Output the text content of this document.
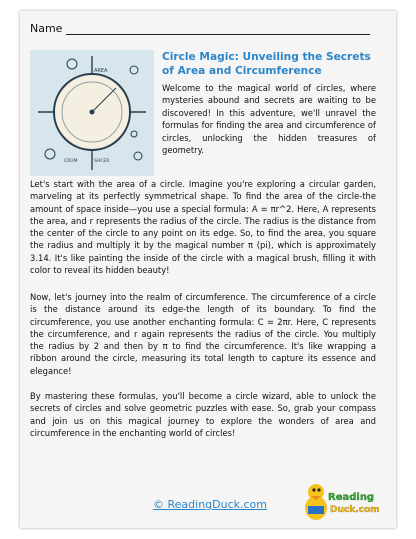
Name
AREA
CRUM	SHCER
Circle Magic: Unveiling the Secrets of Area and Circumference
Welcome to the magical world of circles, where mysteries abound and secrets are waiting to be discovered! In this adventure, we'll unravel the formulas for finding the area and circumference of circles, unlocking the hidden treasures of geometry.

Let's start with the area of a circle. Imagine you're exploring a circular garden, marveling at its perfectly symmetrical shape. To find the area of the circle-the amount of space inside—you use a special formula: A = πr^2. Here, A represents the area, and r represents the radius of the circle. The radius is the distance from the center of the circle to any point on its edge. So, to find the area, you square the radius and multiply it by the magical number π (pi), which is approximately 3.14. It's like painting the inside of the circle with a magical brush, filling it with color to reveal its hidden beauty!

Now, let's journey into the realm of circumference. The circumference of a circle is the distance around its edge-the length of its boundary. To find the circumference, you use another enchanting formula: C = 2πr. Here, C represents the circumference, and r again represents the radius of the circle. You multiply the radius by 2 and then by π to find the circumference. It's like wrapping a ribbon around the circle, measuring its total length to capture its essence and elegance!

By mastering these formulas, you'll become a circle wizard, able to unlock the secrets of circles and solve geometric puzzles with ease. So, grab your compass and join us on this magical journey to explore the wonders of area and circumference in the enchanting world of circles!

© ReadingDuck.com
Reading
Duck.com
